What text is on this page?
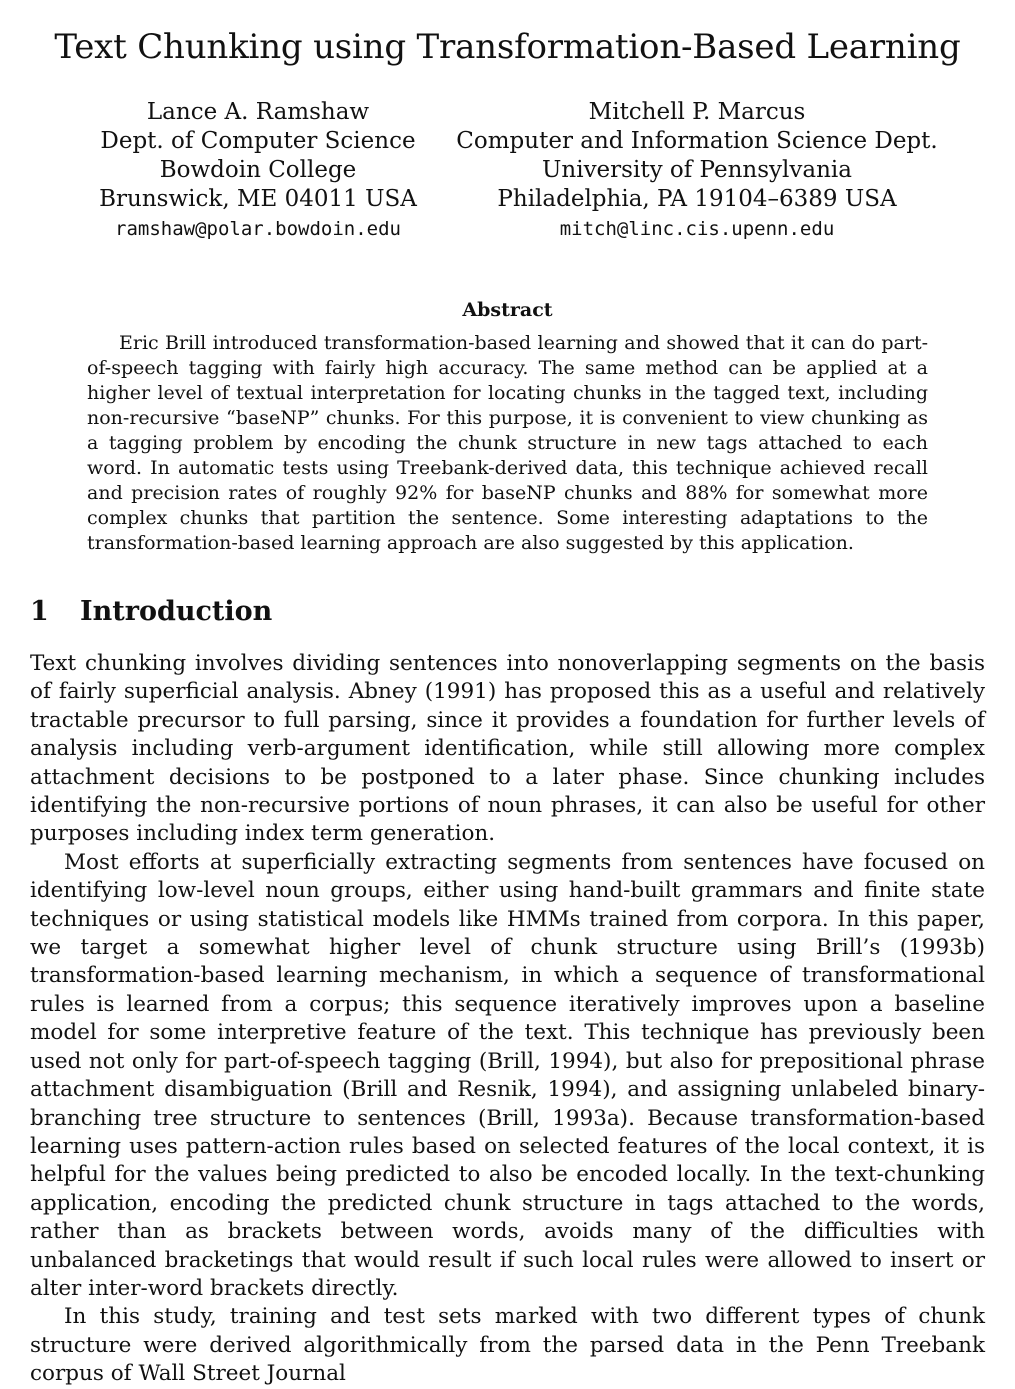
Text Chunking using Transformation-Based Learning
Lance A. Ramshaw
Dept. of Computer Science
Bowdoin College
Brunswick, ME 04011 USA
ramshaw@polar.bowdoin.edu
Mitchell P. Marcus
Computer and Information Science Dept.
University of Pennsylvania
Philadelphia, PA 19104–6389 USA
mitch@linc.cis.upenn.edu
Abstract

Eric Brill introduced transformation-based learning and showed that it can do part-of-speech tagging with fairly high accuracy. The same method can be applied at a higher level of textual interpretation for locating chunks in the tagged text, including non-recursive “baseNP” chunks. For this purpose, it is convenient to view chunking as a tagging problem by encoding the chunk structure in new tags attached to each word. In automatic tests using Treebank-derived data, this technique achieved recall and precision rates of roughly 92% for baseNP chunks and 88% for somewhat more complex chunks that partition the sentence. Some interesting adaptations to the transformation-based learning approach are also suggested by this application.

1 Introduction

Text chunking involves dividing sentences into nonoverlapping segments on the basis of fairly superficial analysis. Abney (1991) has proposed this as a useful and relatively tractable precursor to full parsing, since it provides a foundation for further levels of analysis including verb-argument identification, while still allowing more complex attachment decisions to be postponed to a later phase. Since chunking includes identifying the non-recursive portions of noun phrases, it can also be useful for other purposes including index term generation.

Most efforts at superficially extracting segments from sentences have focused on identifying low-level noun groups, either using hand-built grammars and finite state techniques or using statistical models like HMMs trained from corpora. In this paper, we target a somewhat higher level of chunk structure using Brill’s (1993b) transformation-based learning mechanism, in which a sequence of transformational rules is learned from a corpus; this sequence iteratively improves upon a baseline model for some interpretive feature of the text. This technique has previously been used not only for part-of-speech tagging (Brill, 1994), but also for prepositional phrase attachment disambiguation (Brill and Resnik, 1994), and assigning unlabeled binary-branching tree structure to sentences (Brill, 1993a). Because transformation-based learning uses pattern-action rules based on selected features of the local context, it is helpful for the values being predicted to also be encoded locally. In the text-chunking application, encoding the predicted chunk structure in tags attached to the words, rather than as brackets between words, avoids many of the difficulties with unbalanced bracketings that would result if such local rules were allowed to insert or alter inter-word brackets directly.

In this study, training and test sets marked with two different types of chunk structure were derived algorithmically from the parsed data in the Penn Treebank corpus of Wall Street Journal
